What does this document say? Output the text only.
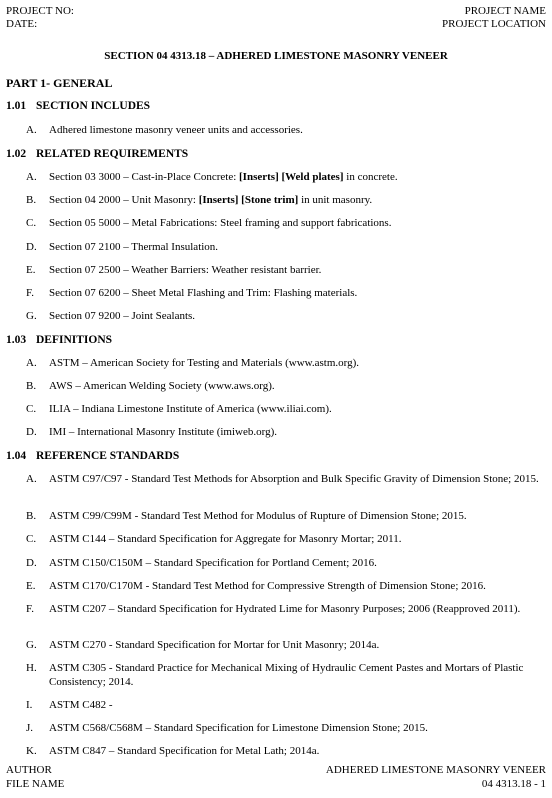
PROJECT NO:
DATE:
PROJECT NAME
PROJECT LOCATION
SECTION 04 4313.18 – ADHERED LIMESTONE MASONRY VENEER
PART 1- GENERAL
1.01 SECTION INCLUDES
A.	Adhered limestone masonry veneer units and accessories.
1.02 RELATED REQUIREMENTS
A.	Section 03 3000 – Cast-in-Place Concrete: [Inserts] [Weld plates] in concrete.
B.	Section 04 2000 – Unit Masonry: [Inserts] [Stone trim] in unit masonry.
C.	Section 05 5000 – Metal Fabrications: Steel framing and support fabrications.
D.	Section 07 2100 – Thermal Insulation.
E.	Section 07 2500 – Weather Barriers: Weather resistant barrier.
F.	Section 07 6200 – Sheet Metal Flashing and Trim: Flashing materials.
G.	Section 07 9200 – Joint Sealants.
1.03 DEFINITIONS
A.	ASTM – American Society for Testing and Materials (www.astm.org).
B.	AWS – American Welding Society (www.aws.org).
C.	ILIA – Indiana Limestone Institute of America (www.iliai.com).
D.	IMI – International Masonry Institute (imiweb.org).
1.04 REFERENCE STANDARDS
A.	ASTM C97/C97 - Standard Test Methods for Absorption and Bulk Specific Gravity of Dimension Stone; 2015.
B.	ASTM C99/C99M - Standard Test Method for Modulus of Rupture of Dimension Stone; 2015.
C.	ASTM C144 – Standard Specification for Aggregate for Masonry Mortar; 2011.
D.	ASTM C150/C150M – Standard Specification for Portland Cement; 2016.
E.	ASTM C170/C170M - Standard Test Method for Compressive Strength of Dimension Stone; 2016.
F.	ASTM C207 – Standard Specification for Hydrated Lime for Masonry Purposes; 2006 (Reapproved 2011).
G.	ASTM C270 - Standard Specification for Mortar for Unit Masonry; 2014a.
H.	ASTM C305 - Standard Practice for Mechanical Mixing of Hydraulic Cement Pastes and Mortars of Plastic Consistency; 2014.
I.	ASTM C482 -
J.	ASTM C568/C568M – Standard Specification for Limestone Dimension Stone; 2015.
K.	ASTM C847 – Standard Specification for Metal Lath; 2014a.
AUTHOR
FILE NAME
ADHERED LIMESTONE MASONRY VENEER
04 4313.18 - 1
